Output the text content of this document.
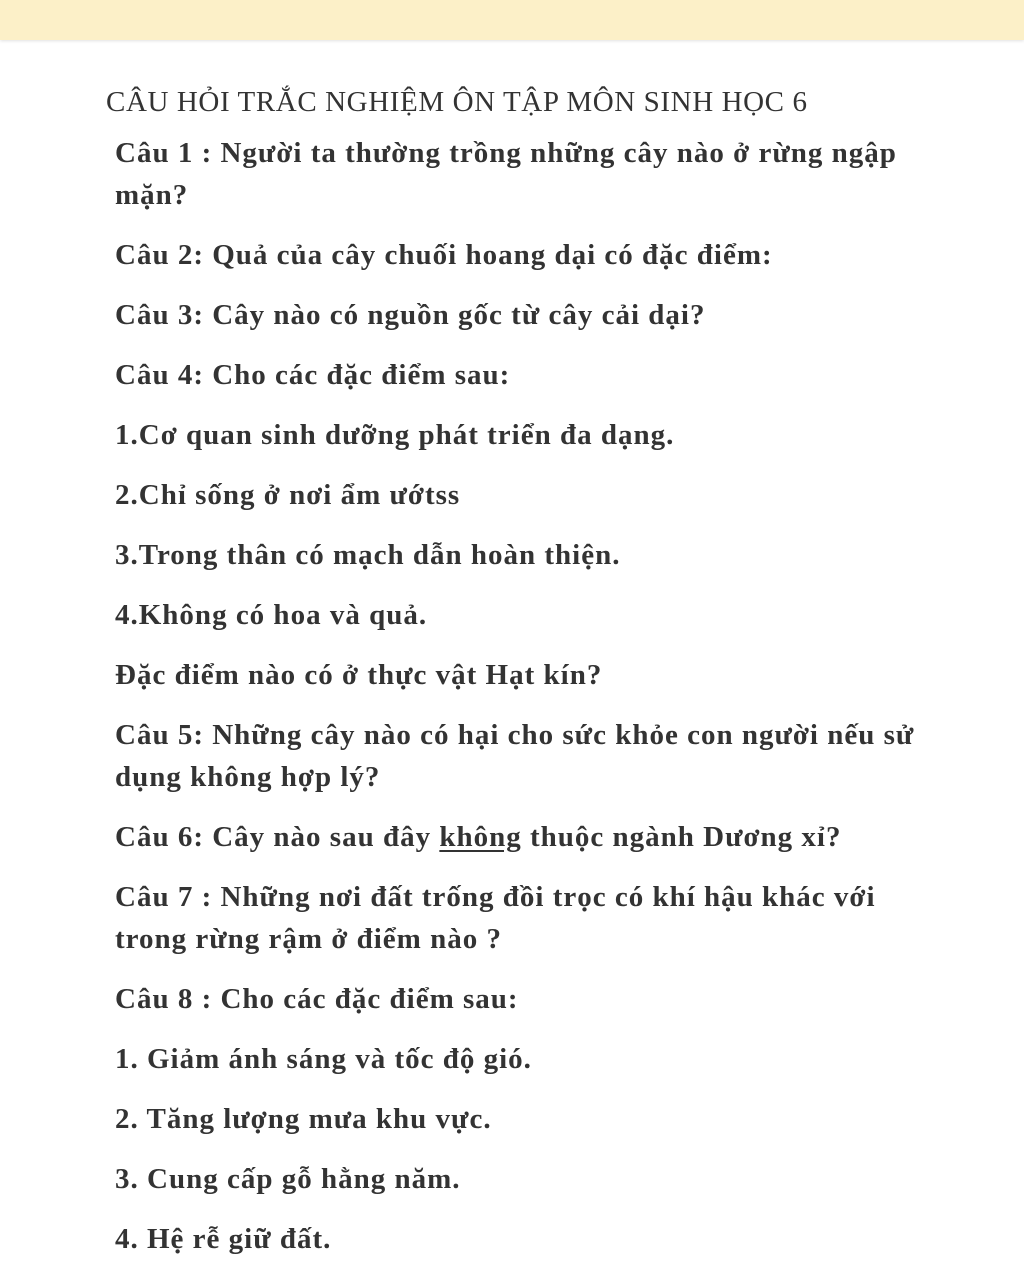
CÂU HỎI TRẮC NGHIỆM ÔN TẬP MÔN SINH HỌC 6
Câu 1 : Người ta thường trồng những cây nào ở rừng ngập mặn?
Câu 2: Quả của cây chuối hoang dại có đặc điểm:
Câu 3: Cây nào có nguồn gốc từ cây cải dại?
Câu 4: Cho các đặc điểm sau:
1.Cơ quan sinh dưỡng phát triển đa dạng.
2.Chỉ sống ở nơi ẩm ướtss
3.Trong thân có mạch dẫn hoàn thiện.
4.Không có hoa và quả.
Đặc điểm nào có ở thực vật Hạt kín?
Câu 5: Những cây nào có hại cho sức khỏe con người nếu sử dụng không hợp lý?
Câu 6: Cây nào sau đây không thuộc ngành Dương xỉ?
Câu 7 : Những nơi đất trống đồi trọc có khí hậu khác với trong rừng rậm ở điểm nào ?
Câu 8 : Cho các đặc điểm sau:
1. Giảm ánh sáng và tốc độ gió.
2. Tăng lượng mưa khu vực.
3. Cung cấp gỗ hằng năm.
4. Hệ rễ giữ đất.
